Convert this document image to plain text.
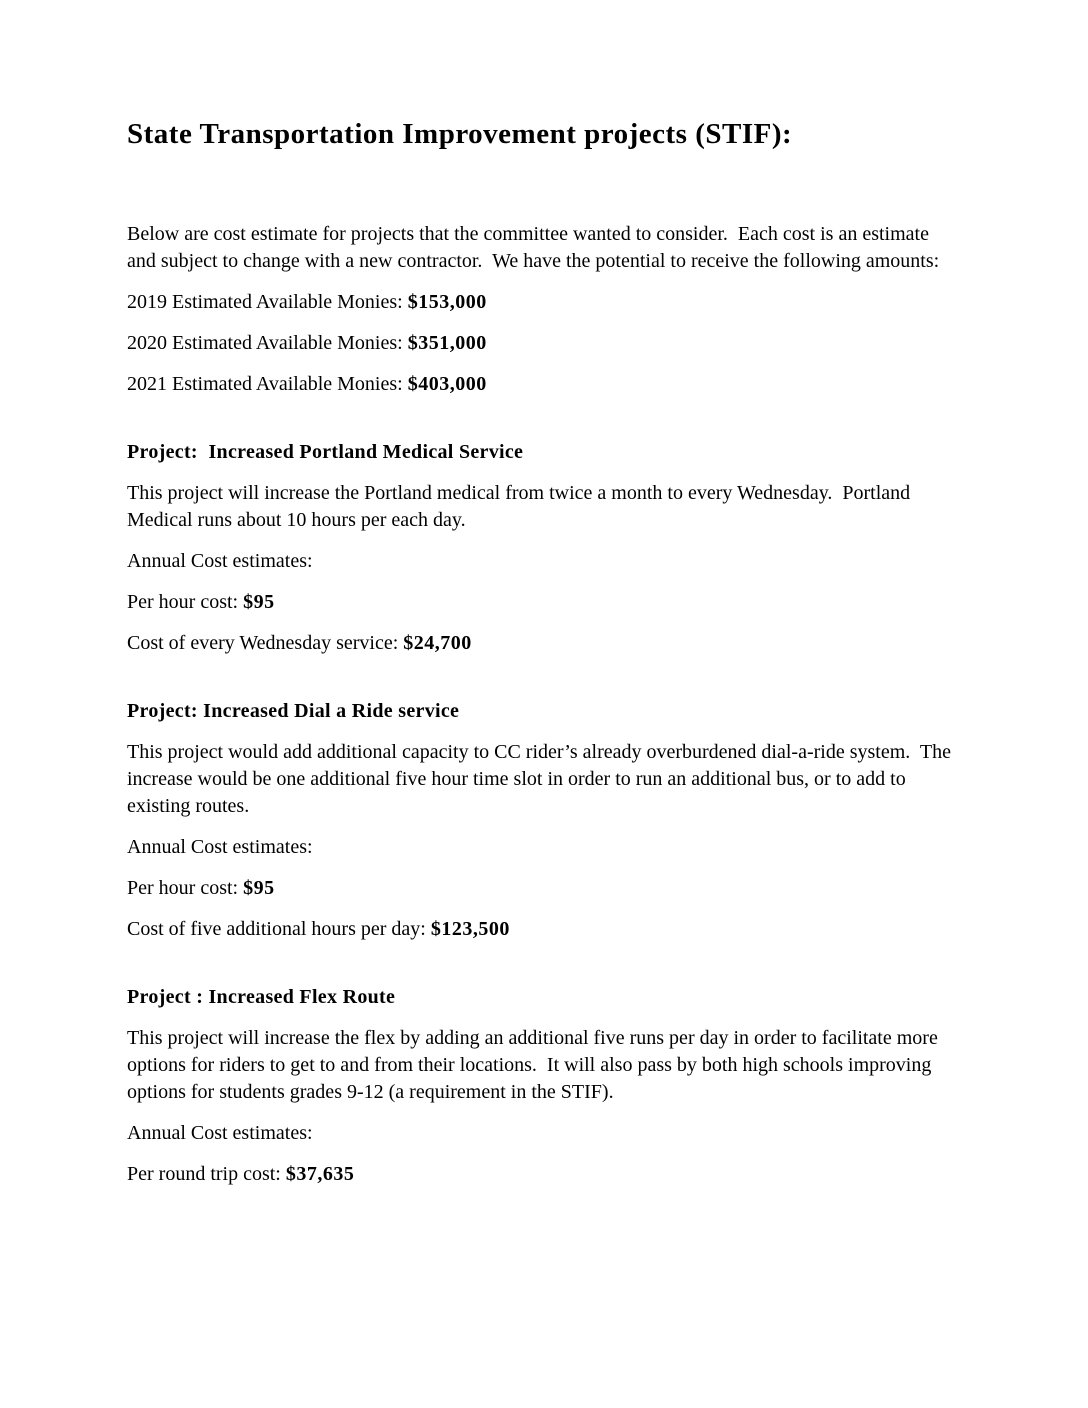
State Transportation Improvement projects (STIF):

Below are cost estimate for projects that the committee wanted to consider.  Each cost is an estimate and subject to change with a new contractor.  We have the potential to receive the following amounts:

2019 Estimated Available Monies: $153,000

2020 Estimated Available Monies: $351,000

2021 Estimated Available Monies: $403,000

Project:  Increased Portland Medical Service

This project will increase the Portland medical from twice a month to every Wednesday.  Portland Medical runs about 10 hours per each day.

Annual Cost estimates:

Per hour cost: $95

Cost of every Wednesday service: $24,700

Project: Increased Dial a Ride service

This project would add additional capacity to CC rider’s already overburdened dial-a-ride system.  The increase would be one additional five hour time slot in order to run an additional bus, or to add to existing routes.

Annual Cost estimates:

Per hour cost: $95

Cost of five additional hours per day: $123,500

Project : Increased Flex Route

This project will increase the flex by adding an additional five runs per day in order to facilitate more options for riders to get to and from their locations.  It will also pass by both high schools improving options for students grades 9-12 (a requirement in the STIF).

Annual Cost estimates:

Per round trip cost: $37,635
